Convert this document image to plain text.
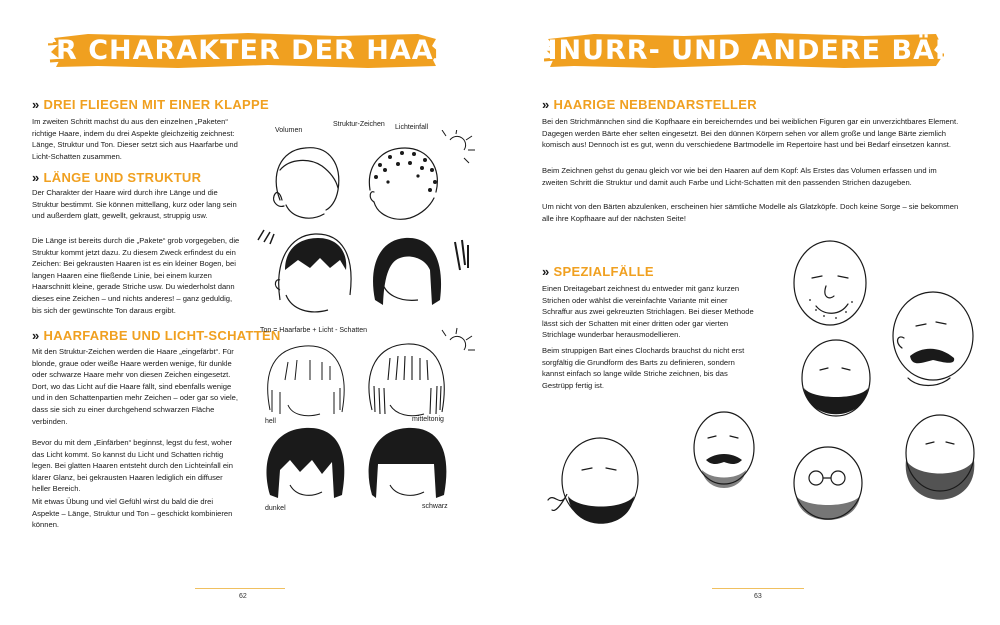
DER CHARAKTER DER HAARE
» DREI FLIEGEN MIT EINER KLAPPE
Im zweiten Schritt machst du aus den einzelnen „Paketen“ richtige Haare, indem du drei Aspekte gleichzeitig zeichnest: Länge, Struktur und Ton. Dieser setzt sich aus Haarfarbe und Licht-Schatten zusammen.
» LÄNGE UND STRUKTUR
Der Charakter der Haare wird durch ihre Länge und die Struktur bestimmt. Sie können mittellang, kurz oder lang sein und außerdem glatt, gewellt, gekraust, struppig usw.
Die Länge ist bereits durch die „Pakete“ grob vorgegeben, die Struktur kommt jetzt dazu. Zu diesem Zweck erfindest du ein Zeichen: Bei gekrausten Haaren ist es ein kleiner Bogen, bei langen Haaren eine fließende Linie, bei einem kurzen Haarschnitt kleine, gerade Striche usw. Du wiederholst dann dieses eine Zeichen – und nichts anderes! – ganz geduldig, bis sich der gewünschte Ton daraus ergibt.
» HAARFARBE UND LICHT-SCHATTEN
Mit den Struktur-Zeichen werden die Haare „eingefärbt“. Für blonde, graue oder weiße Haare werden wenige, für dunkle oder schwarze Haare mehr von diesen Zeichen eingesetzt. Dort, wo das Licht auf die Haare fällt, sind ebenfalls wenige und in den Schattenpartien mehr Zeichen – oder gar so viele, dass sie sich zu einer durchgehend schwarzen Fläche verbinden.
Bevor du mit dem „Einfärben“ beginnst, legst du fest, woher das Licht kommt. So kannst du Licht und Schatten richtig legen. Bei glatten Haaren entsteht durch den Lichteinfall ein klarer Glanz, bei gekrausten Haaren lediglich ein diffuser heller Bereich.
Mit etwas Übung und viel Gefühl wirst du bald die drei Aspekte – Länge, Struktur und Ton – geschickt kombinieren können.
Volumen
Struktur-Zeichen Lichteinfall
Ton = Haarfarbe + Licht - Schatten
hell	mitteltonig
dunkel	schwarz
62
SCHNURR- UND ANDERE BÄRTE
» HAARIGE NEBENDARSTELLER
Bei den Strichmännchen sind die Kopfhaare ein bereicherndes und bei weiblichen Figuren gar ein unverzichtbares Element. Dagegen werden Bärte eher selten eingesetzt. Bei den dünnen Körpern sehen vor allem große und lange Bärte ziemlich komisch aus! Dennoch ist es gut, wenn du verschiedene Bartmodelle im Repertoire hast und bei Bedarf einsetzen kannst.
Beim Zeichnen gehst du genau gleich vor wie bei den Haaren auf dem Kopf: Als Erstes das Volumen erfassen und im zweiten Schritt die Struktur und damit auch Farbe und Licht-Schatten mit den passenden Strichen dazugeben.
Um nicht von den Bärten abzulenken, erscheinen hier sämtliche Modelle als Glatzköpfe. Doch keine Sorge – sie bekommen alle ihre Kopfhaare auf der nächsten Seite!
» SPEZIALFÄLLE
Einen Dreitagebart zeichnest du entweder mit ganz kurzen Strichen oder wählst die vereinfachte Variante mit einer Schraffur aus zwei gekreuzten Strichlagen. Bei dieser Methode lässt sich der Schatten mit einer dritten oder gar vierten Strichlage wunderbar herausmodellieren.
Beim struppigen Bart eines Clochards brauchst du nicht erst sorgfältig die Grundform des Barts zu definieren, sondern kannst einfach so lange wilde Striche zeichnen, bis das Gestrüpp fertig ist.
63
